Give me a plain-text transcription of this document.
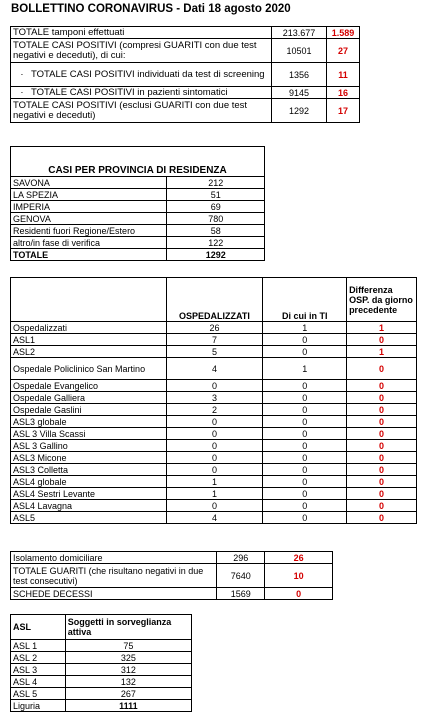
BOLLETTINO CORONAVIRUS - Dati 18 agosto 2020
TOTALE tamponi effettuati	213.677	1.589
TOTALE CASI POSITIVI (compresi GUARITI con due test negativi e deceduti), di cui:	10501	27
· TOTALE CASI POSITIVI individuati da test di screening	1356	11
· TOTALE CASI POSITIVI in pazienti sintomatici	9145	16
TOTALE CASI POSITIVI (esclusi GUARITI con due test negativi e deceduti)	1292	17
CASI PER PROVINCIA DI RESIDENZA	
SAVONA	212
LA SPEZIA	51
IMPERIA	69
GENOVA	780
Residenti fuori Regione/Estero	58
altro/in fase di verifica	122
TOTALE	1292
	OSPEDALIZZATI	Di cui in TI	Differenza OSP. da giorno precedente
Ospedalizzati	26	1	1
ASL1	7	0	0
ASL2	5	0	1
Ospedale Policlinico San Martino	4	1	0
Ospedale Evangelico	0	0	0
Ospedale Galliera	3	0	0
Ospedale Gaslini	2	0	0
ASL3 globale	0	0	0
ASL 3 Villa Scassi	0	0	0
ASL 3 Gallino	0	0	0
ASL3 Micone	0	0	0
ASL3 Colletta	0	0	0
ASL4 globale	1	0	0
ASL4 Sestri Levante	1	0	0
ASL4 Lavagna	0	0	0
ASL5	4	0	0
Isolamento domiciliare	296	26
TOTALE GUARITI (che risultano negativi in due test consecutivi)	7640	10
SCHEDE DECESSI	1569	0
ASL	Soggetti in sorveglianza attiva
ASL 1	75
ASL 2	325
ASL 3	312
ASL 4	132
ASL 5	267
Liguria	1111
